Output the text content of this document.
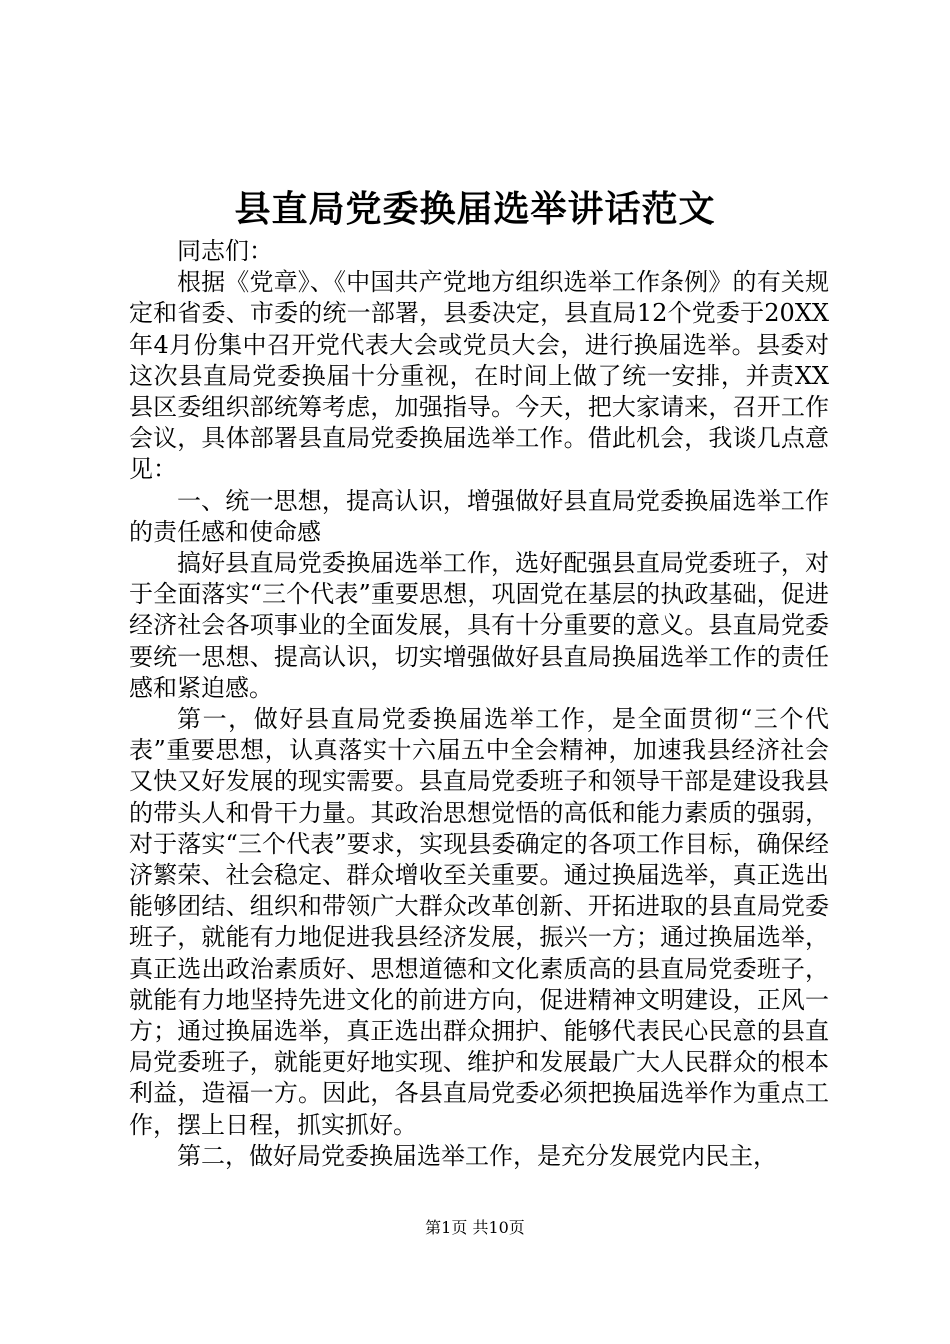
县直局党委换届选举讲话范文

同志们：

根据《党章》、《中国共产党地方组织选举工作条例》的有关规定和省委、市委的统一部署，县委决定，县直局12个党委于20XX年4月份集中召开党代表大会或党员大会，进行换届选举。县委对这次县直局党委换届十分重视，在时间上做了统一安排，并责XX县区委组织部统筹考虑，加强指导。今天，把大家请来，召开工作会议，具体部署县直局党委换届选举工作。借此机会，我谈几点意见：

一、统一思想，提高认识，增强做好县直局党委换届选举工作的责任感和使命感

搞好县直局党委换届选举工作，选好配强县直局党委班子，对于全面落实“三个代表”重要思想，巩固党在基层的执政基础，促进经济社会各项事业的全面发展，具有十分重要的意义。县直局党委要统一思想、提高认识，切实增强做好县直局换届选举工作的责任感和紧迫感。

第一，做好县直局党委换届选举工作，是全面贯彻“三个代表”重要思想，认真落实十六届五中全会精神，加速我县经济社会又快又好发展的现实需要。县直局党委班子和领导干部是建设我县的带头人和骨干力量。其政治思想觉悟的高低和能力素质的强弱，对于落实“三个代表”要求，实现县委确定的各项工作目标，确保经济繁荣、社会稳定、群众增收至关重要。通过换届选举，真正选出能够团结、组织和带领广大群众改革创新、开拓进取的县直局党委班子，就能有力地促进我县经济发展，振兴一方；通过换届选举，真正选出政治素质好、思想道德和文化素质高的县直局党委班子，就能有力地坚持先进文化的前进方向，促进精神文明建设，正风一方；通过换届选举，真正选出群众拥护、能够代表民心民意的县直局党委班子，就能更好地实现、维护和发展最广大人民群众的根本利益，造福一方。因此，各县直局党委必须把换届选举作为重点工作，摆上日程，抓实抓好。

第二，做好局党委换届选举工作，是充分发展党内民主，

第1页 共10页
